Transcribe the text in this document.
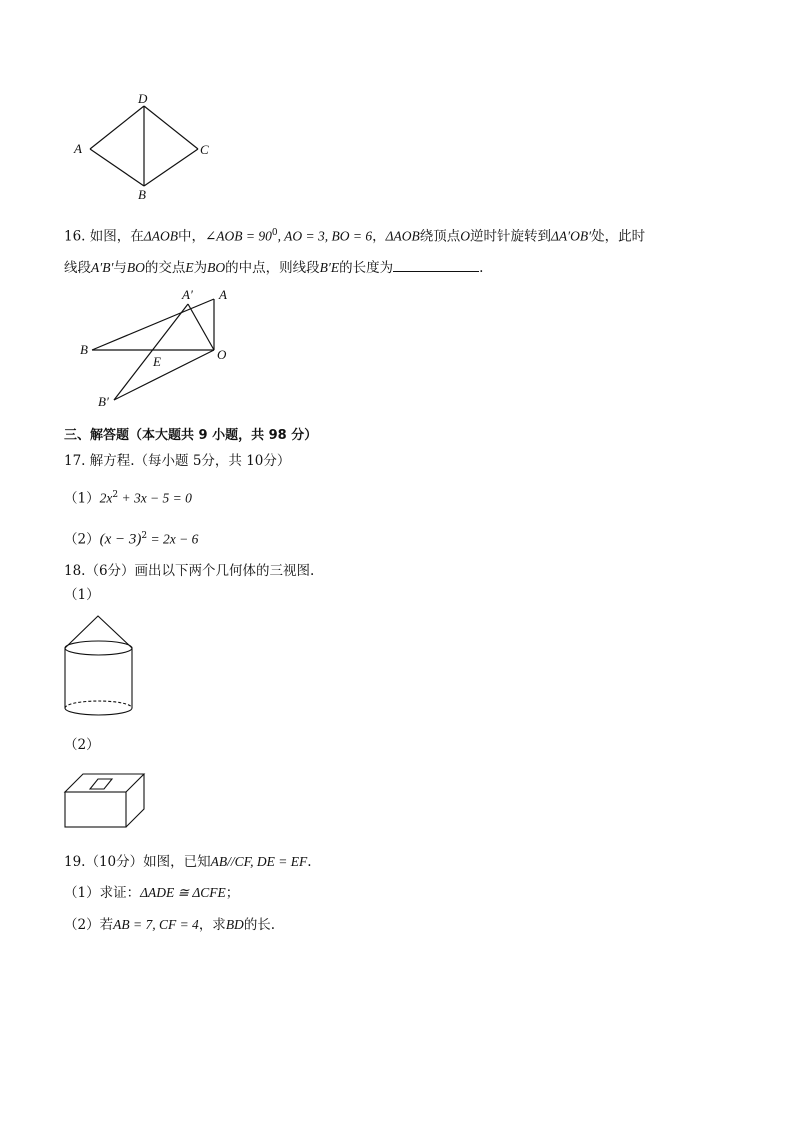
D
A	C
B
16. 如图，在ΔAOB中，∠AOB = $90^0$, AO = 3, BO = 6，ΔAOB绕顶点O逆时针旋转到ΔA′OB′处，此时
线段A′B′与BO的交点E为BO的中点，则线段B′E的长度为	.
A′ A
B
E	O
B′
三、解答题（本大题共 9 小题，共 98 分）
17. 解方程.（每小题 5分，共 10分）
$(1)2x^2 + 3x - 5 = 0$
$(2)(x - 3)^2 = 2x - 6$
18.（6分）画出以下两个几何体的三视图.
（1）
（2）
19.（10分）如图，已知AB//CF, DE = EF.
（1）求证：ΔADE ≅ ΔCFE；
（2）若AB = 7, CF = 4，求BD的长.
